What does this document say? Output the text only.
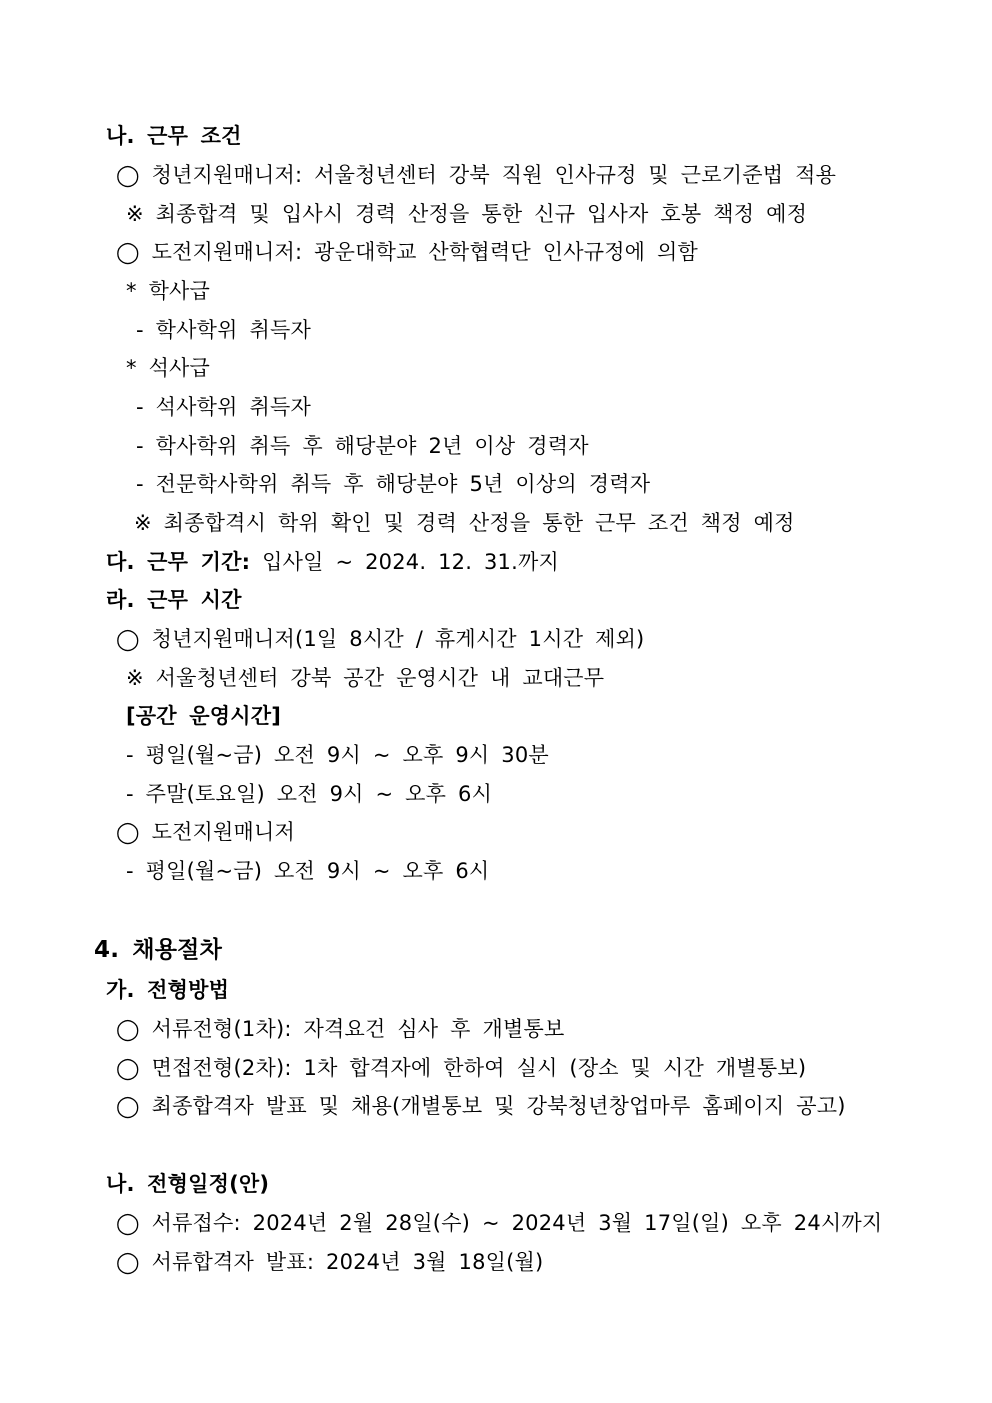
나. 근무 조건
◯ 청년지원매니저: 서울청년센터 강북 직원 인사규정 및 근로기준법 적용
※ 최종합격 및 입사시 경력 산정을 통한 신규 입사자 호봉 책정 예정
◯ 도전지원매니저: 광운대학교 산학협력단 인사규정에 의함
* 학사급
- 학사학위 취득자
* 석사급
- 석사학위 취득자
- 학사학위 취득 후 해당분야 2년 이상 경력자
- 전문학사학위 취득 후 해당분야 5년 이상의 경력자
※ 최종합격시 학위 확인 및 경력 산정을 통한 근무 조건 책정 예정
다. 근무 기간: 입사일 ~ 2024. 12. 31.까지
라. 근무 시간
◯ 청년지원매니저(1일 8시간 / 휴게시간 1시간 제외)
※ 서울청년센터 강북 공간 운영시간 내 교대근무
[공간 운영시간]
- 평일(월~금) 오전 9시 ~ 오후 9시 30분
- 주말(토요일) 오전 9시 ~ 오후 6시
◯ 도전지원매니저
- 평일(월~금) 오전 9시 ~ 오후 6시
4. 채용절차
가. 전형방법
◯ 서류전형(1차): 자격요건 심사 후 개별통보
◯ 면접전형(2차): 1차 합격자에 한하여 실시 (장소 및 시간 개별통보)
◯ 최종합격자 발표 및 채용(개별통보 및 강북청년창업마루 홈페이지 공고)
나. 전형일정(안)
◯ 서류접수: 2024년 2월 28일(수) ~ 2024년 3월 17일(일) 오후 24시까지
◯ 서류합격자 발표: 2024년 3월 18일(월)
